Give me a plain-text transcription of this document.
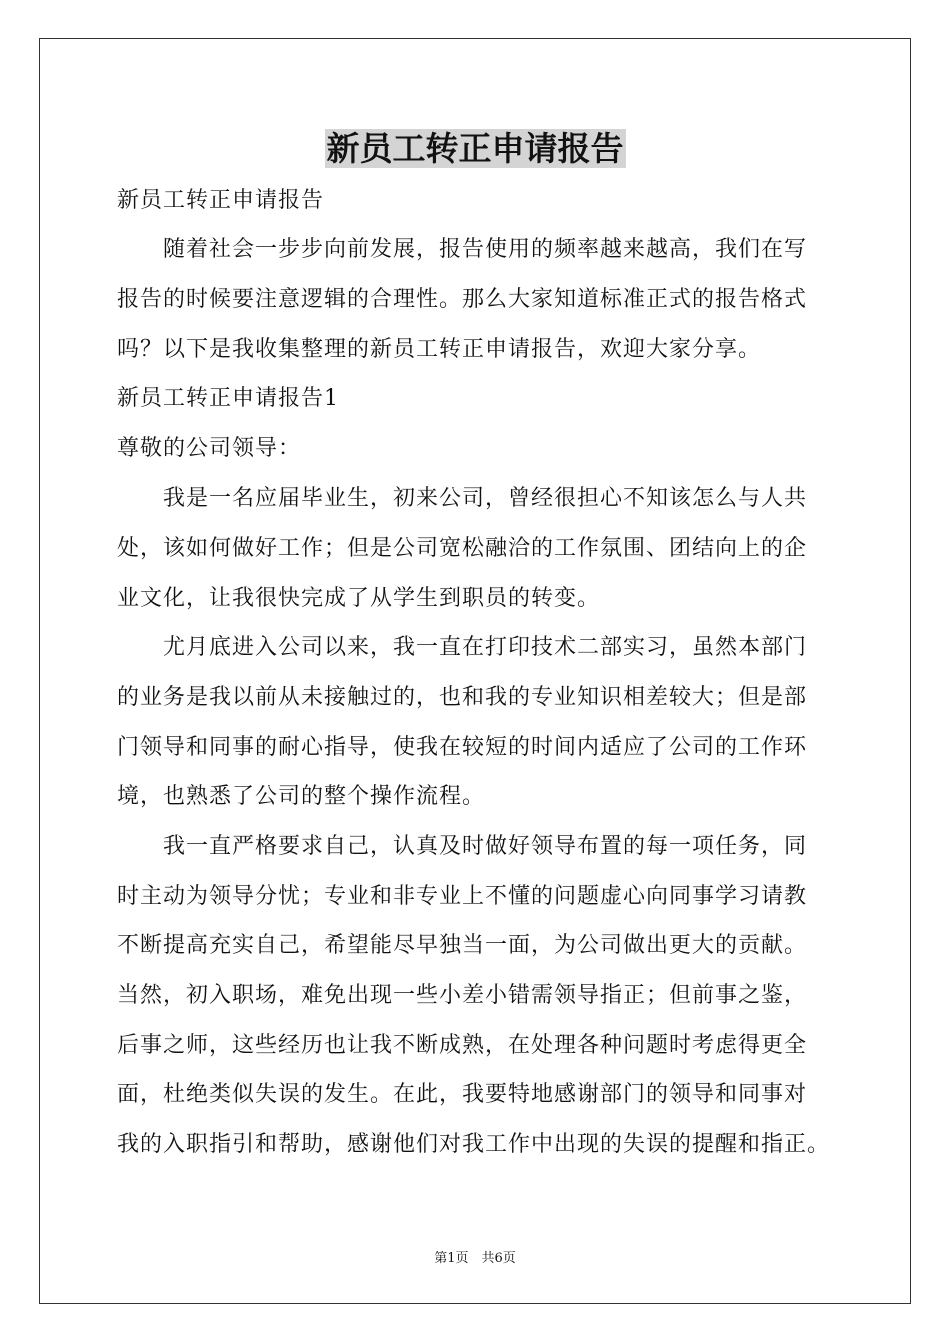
新员工转正申请报告
新员工转正申请报告
　　随着社会一步步向前发展，报告使用的频率越来越高，我们在写
报告的时候要注意逻辑的合理性。那么大家知道标准正式的报告格式
吗？以下是我收集整理的新员工转正申请报告，欢迎大家分享。
新员工转正申请报告1
尊敬的公司领导：
　　我是一名应届毕业生，初来公司，曾经很担心不知该怎么与人共
处，该如何做好工作；但是公司宽松融洽的工作氛围、团结向上的企
业文化，让我很快完成了从学生到职员的转变。
　　尤月底进入公司以来，我一直在打印技术二部实习，虽然本部门
的业务是我以前从未接触过的，也和我的专业知识相差较大；但是部
门领导和同事的耐心指导，使我在较短的时间内适应了公司的工作环
境，也熟悉了公司的整个操作流程。
　　我一直严格要求自己，认真及时做好领导布置的每一项任务，同
时主动为领导分忧；专业和非专业上不懂的问题虚心向同事学习请教
不断提高充实自己，希望能尽早独当一面，为公司做出更大的贡献。
当然，初入职场，难免出现一些小差小错需领导指正；但前事之鉴，
后事之师，这些经历也让我不断成熟，在处理各种问题时考虑得更全
面，杜绝类似失误的发生。在此，我要特地感谢部门的领导和同事对
我的入职指引和帮助，感谢他们对我工作中出现的失误的提醒和指正。
第1页　共6页
